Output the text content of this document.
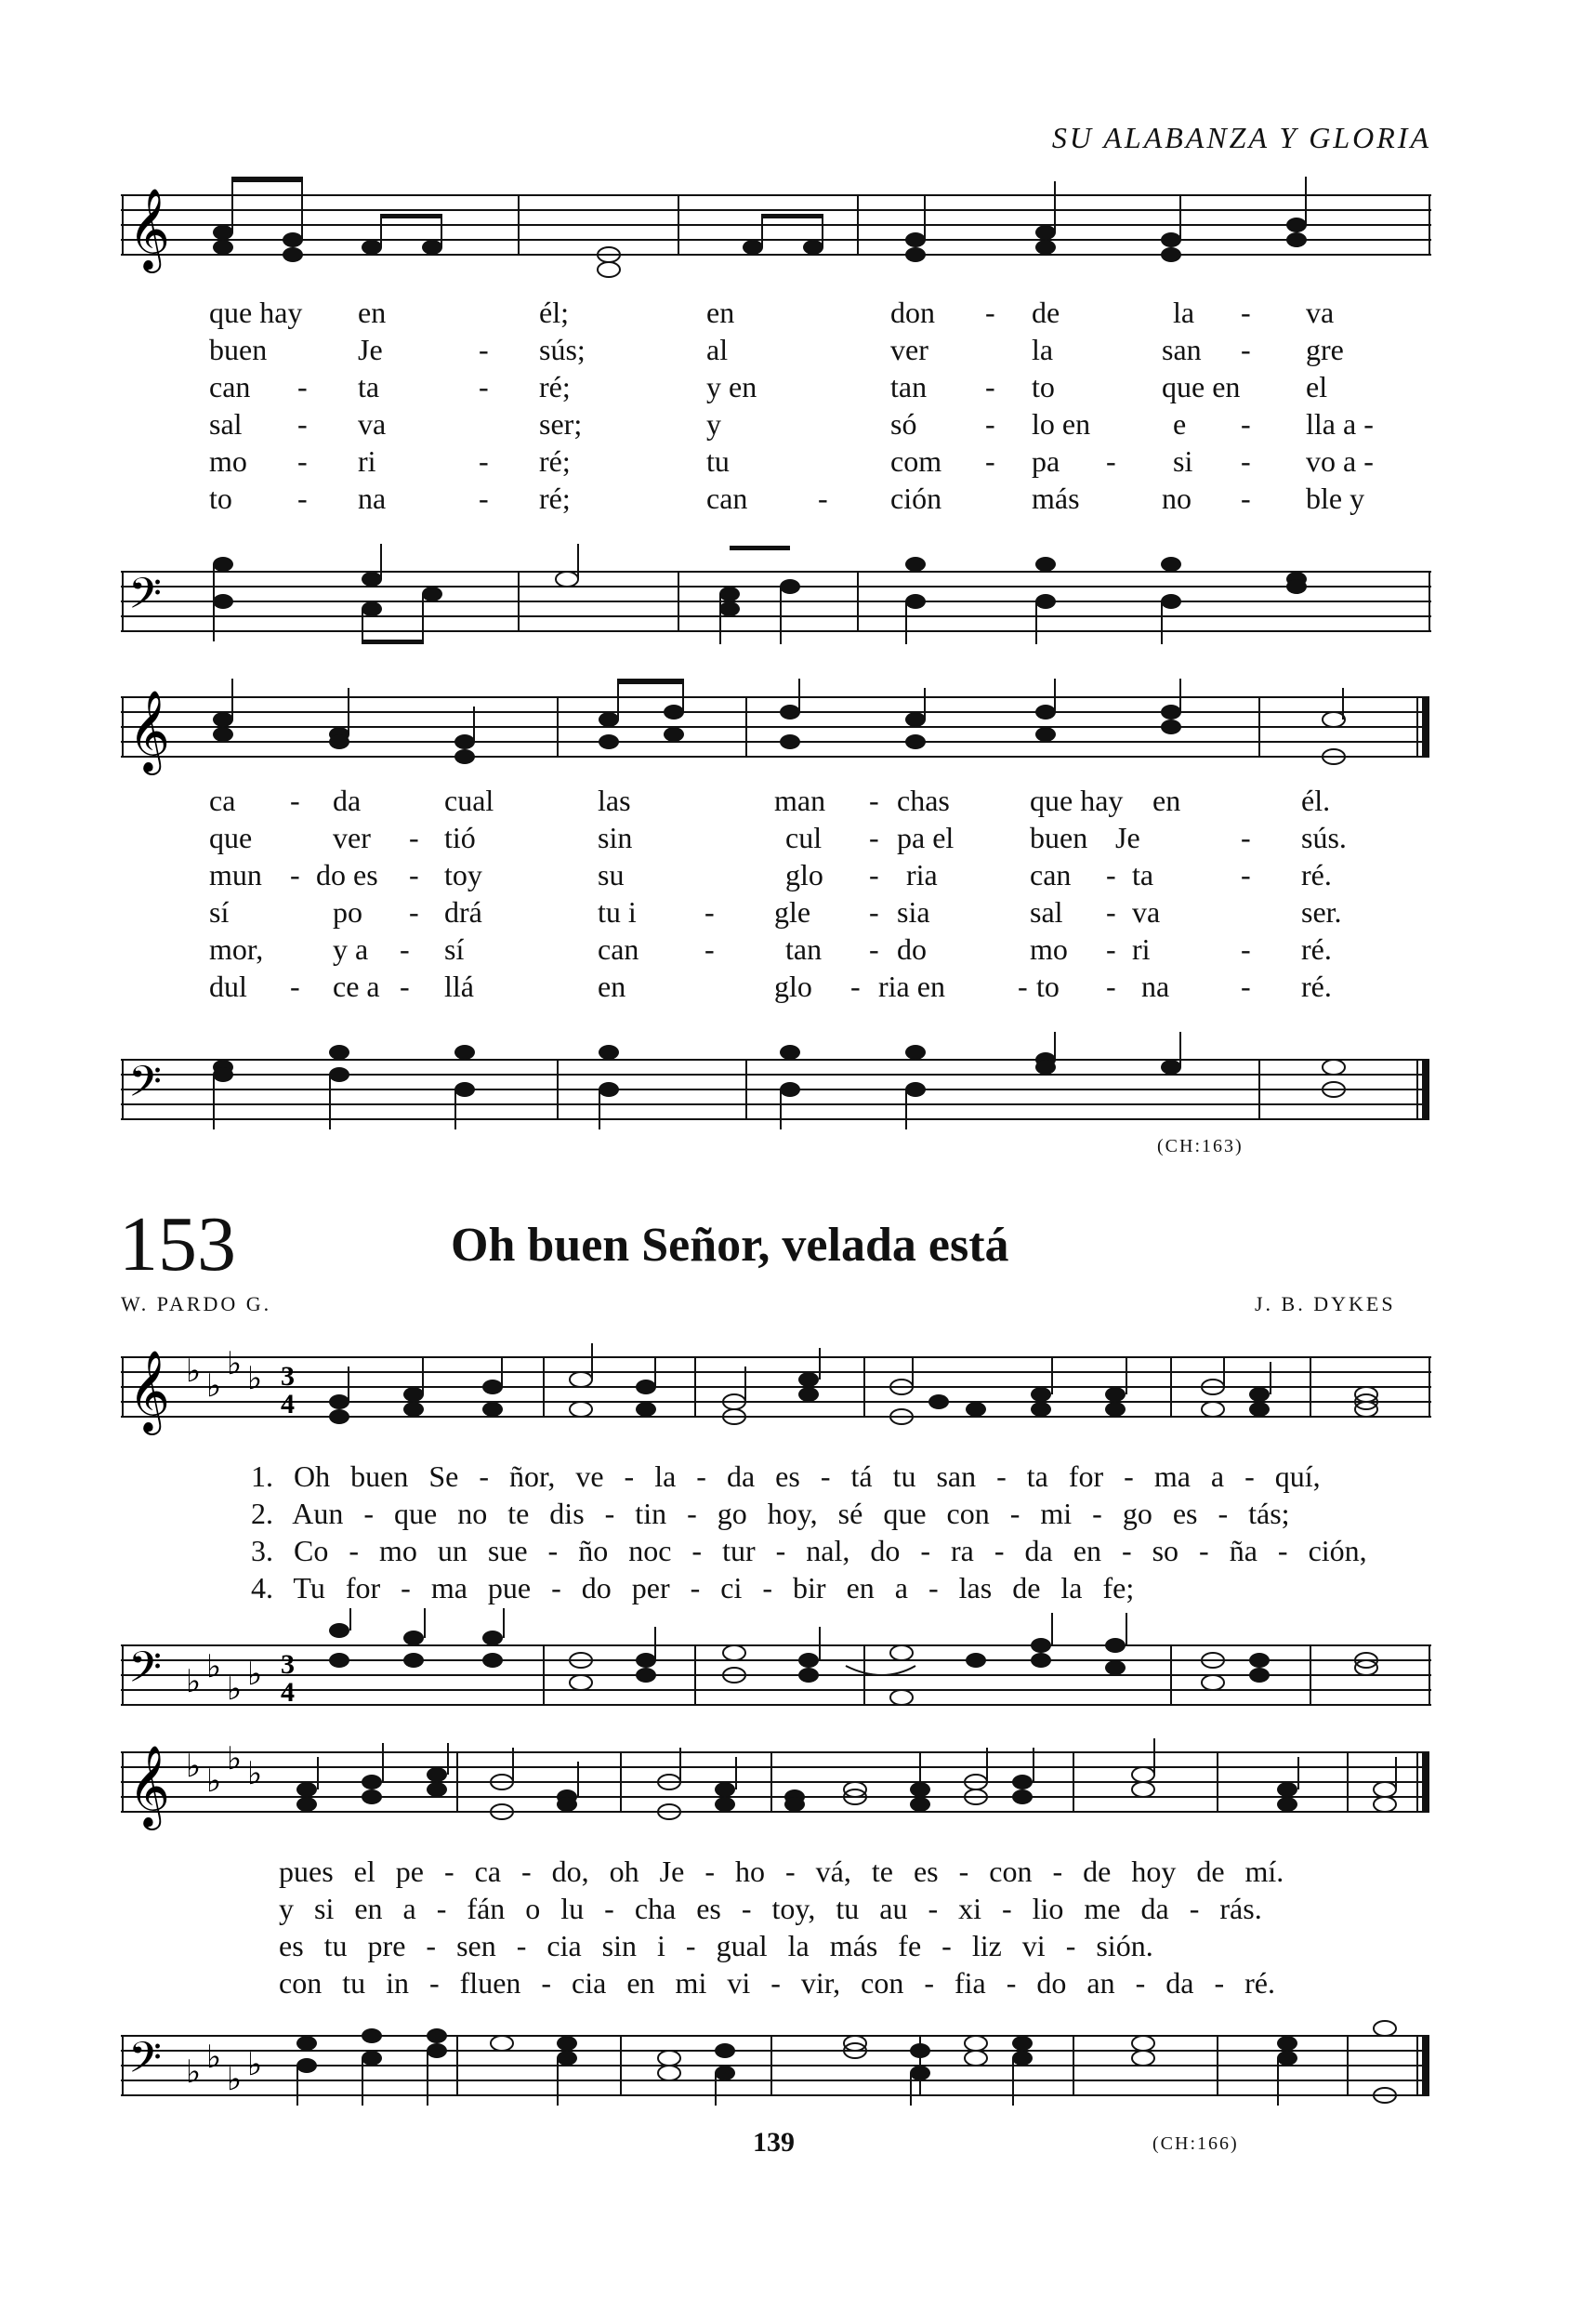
SU ALABANZA Y GLORIA
𝄞
que hay en	él;	en	don - de	la - va
buen	Je	- sús;	al	ver	la	san - gre
can - ta	- ré;	y en	tan - to	que en el
sal - va	ser;	y	só - lo en	e - lla a -
mo - ri	- ré;	tu	com - pa - si - vo a -
to - na	- ré;	can - ción	más	no - ble y
𝄢
𝄞
ca - da	cual	las	man - chas	que hay en	él.
que	ver - tió	sin	cul - pa el	buen Je	- sús.
mun - do es - toy	su	glo - ria	can - ta	- ré.
sí	po - drá	tu i - gle - sia	sal - va	ser.
mor, y a - sí	can - tan - do	mo - ri	- ré.
dul - ce a - llá	en	glo - ria en - to - na - ré.
𝄢
(CH:163)
153	Oh buen Señor, velada está
W. PARDO G.	J. B. DYKES
𝄞 ♭ ♭
♭ ♭ 3
4
1. Oh buen Se - ñor, ve - la - da es - tá tu san - ta for - ma a - quí,
2. Aun - que no te dis - tin - go hoy, sé que con - mi - go es - tás;
3. Co - mo un sue - ño noc - tur - nal, do - ra - da en - so - ña - ción,
4. Tu for - ma pue - do per - ci - bir en a - las de la fe;
𝄢 ♭ ♭
♭ ♭ 3
4
𝄞 ♭ ♭
♭ ♭
pues el pe - ca - do, oh Je - ho - vá, te es - con - de hoy de mí.
y si en a - fán o lu - cha es - toy, tu au - xi - lio me da - rás.
es tu pre - sen - cia sin i - gual la más fe - liz vi - sión.
con tu in - fluen - cia en mi vi - vir, con - fia - do an - da - ré.
𝄢 ♭ ♭
♭ ♭
139	(CH:166)
